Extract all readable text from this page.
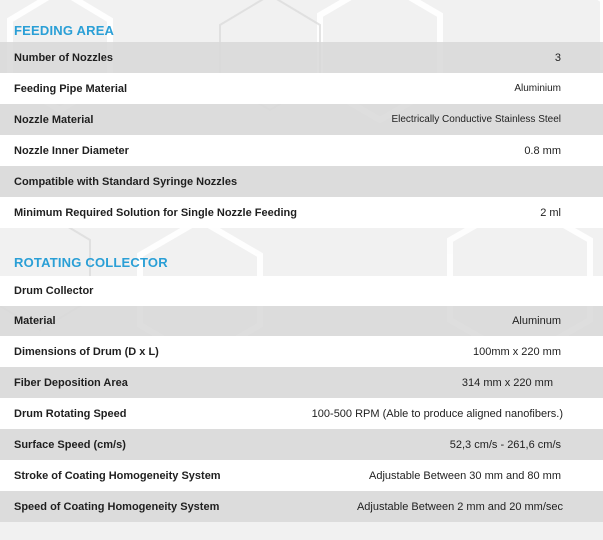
FEEDING AREA
Number of Nozzles	3
Feeding Pipe Material	Aluminium
Nozzle Material	Electrically Conductive Stainless Steel
Nozzle Inner Diameter	0.8 mm
Compatible with Standard Syringe Nozzles
Minimum Required Solution for Single Nozzle Feeding	2 ml
ROTATING COLLECTOR
Drum Collector
Material	Aluminum
Dimensions of Drum (D x L)	100mm x 220 mm
Fiber Deposition Area	314 mm x 220 mm
Drum Rotating Speed	100-500 RPM (Able to produce aligned nanofibers.)
Surface Speed (cm/s)	52,3 cm/s - 261,6 cm/s
Stroke of Coating Homogeneity System	Adjustable Between 30 mm and 80 mm
Speed of Coating Homogeneity System	Adjustable Between 2 mm and 20 mm/sec
